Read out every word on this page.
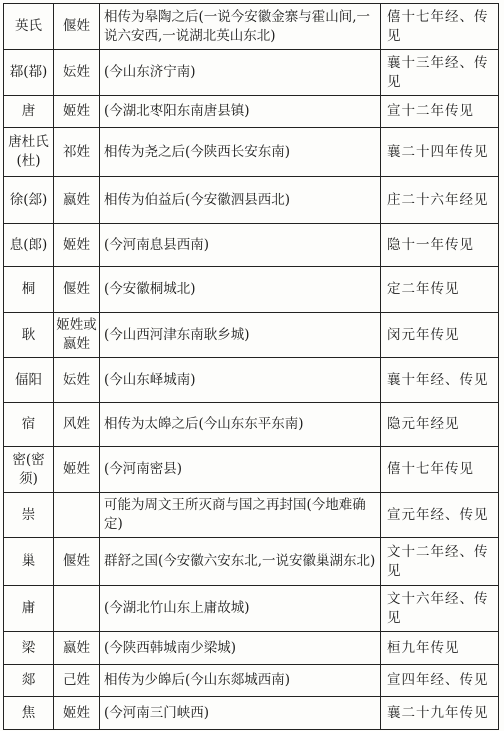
英氏	偃姓	相传为皋陶之后(一说今安徽金寨与霍山间,一说六安西,一说湖北英山东北)	僖十七年经、传见
鄀(鄀)	妘姓	(今山东济宁南)	襄十三年经、传见
唐	姬姓	(今湖北枣阳东南唐县镇)	宣十二年传见
唐杜氏(杜)	祁姓	相传为尧之后(今陕西长安东南)	襄二十四年传见
徐(郐)	嬴姓	相传为伯益后(今安徽泗县西北)	庄二十六年经见
息(郎)	姬姓	(今河南息县西南)	隐十一年传见
桐	偃姓	(今安徽桐城北)	定二年传见
耿	姬姓或嬴姓	(今山西河津东南耿乡城)	闵元年传见
偪阳	妘姓	(今山东峄城南)	襄十年经、传见
宿	风姓	相传为太皞之后(今山东东平东南)	隐元年经见
密(密须)	姬姓	(今河南密县)	僖十七年传见
崇		可能为周文王所灭商与国之再封国(今地难确定)	宣元年经、传见
巢	偃姓	群舒之国(今安徽六安东北,一说安徽巢湖东北)	文十二年经、传见
庸		(今湖北竹山东上庸故城)	文十六年经、传见
梁	嬴姓	(今陕西韩城南少梁城)	桓九年传见
郯	己姓	相传为少皞后(今山东郯城西南)	宣四年经、传见
焦	姬姓	(今河南三门峡西)	襄二十九年传见
